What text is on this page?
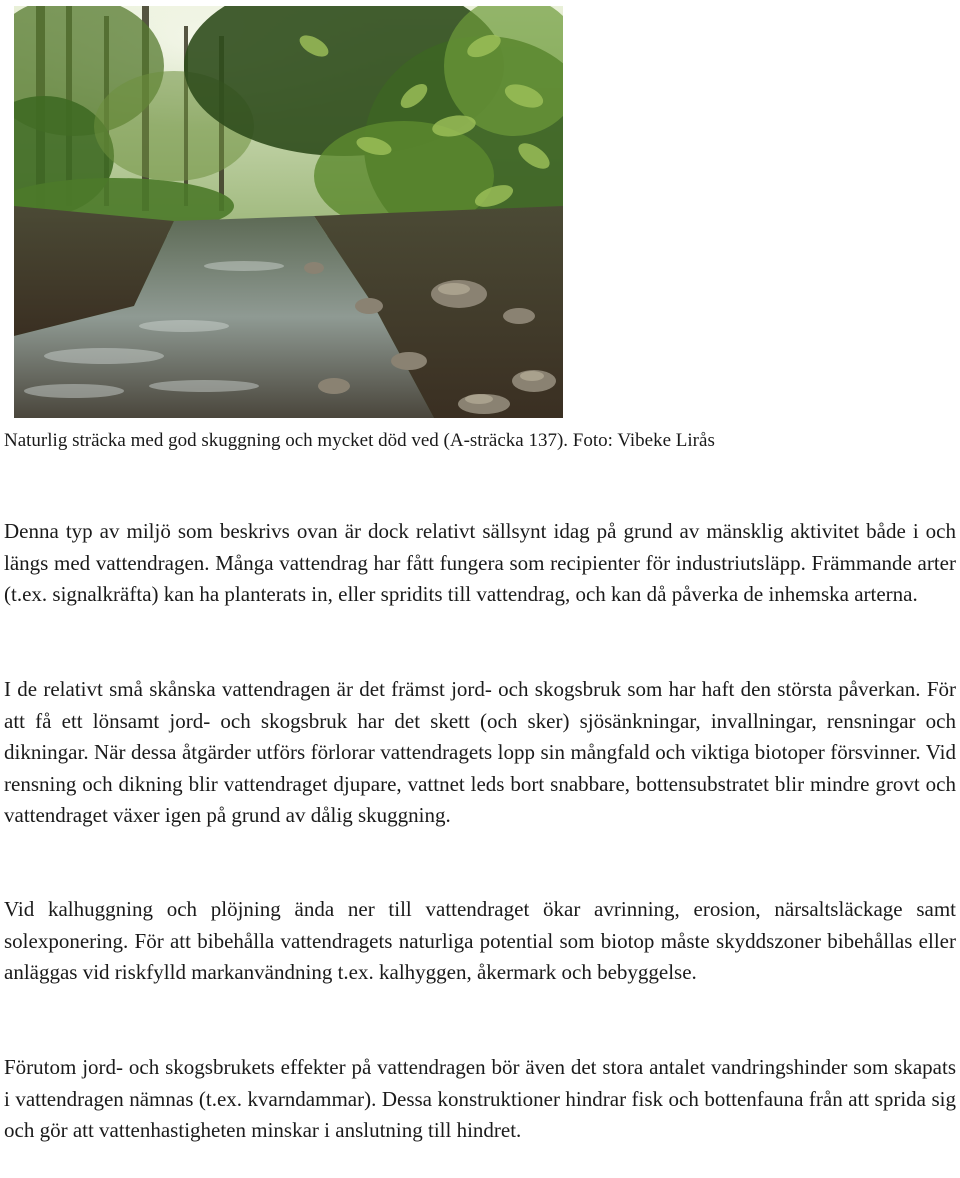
Naturlig sträcka med god skuggning och mycket död ved (A-sträcka 137). Foto: Vibeke Lirås

Denna typ av miljö som beskrivs ovan är dock relativt sällsynt idag på grund av mänsklig aktivitet både i och längs med vattendragen. Många vattendrag har fått fungera som recipienter för industriutsläpp. Främmande arter (t.ex. signalkräfta) kan ha planterats in, eller spridits till vattendrag, och kan då påverka de inhemska arterna.

I de relativt små skånska vattendragen är det främst jord- och skogsbruk som har haft den största påverkan. För att få ett lönsamt jord- och skogsbruk har det skett (och sker) sjösänkningar, invallningar, rensningar och dikningar. När dessa åtgärder utförs förlorar vattendragets lopp sin mångfald och viktiga biotoper försvinner. Vid rensning och dikning blir vattendraget djupare, vattnet leds bort snabbare, bottensubstratet blir mindre grovt och vattendraget växer igen på grund av dålig skuggning.

Vid kalhuggning och plöjning ända ner till vattendraget ökar avrinning, erosion, närsaltsläckage samt solexponering. För att bibehålla vattendragets naturliga potential som biotop måste skyddszoner bibehållas eller anläggas vid riskfylld markanvändning t.ex. kalhyggen, åkermark och bebyggelse.

Förutom jord- och skogsbrukets effekter på vattendragen bör även det stora antalet vandringshinder som skapats i vattendragen nämnas (t.ex. kvarndammar). Dessa konstruktioner hindrar fisk och bottenfauna från att sprida sig och gör att vattenhastigheten minskar i anslutning till hindret.
